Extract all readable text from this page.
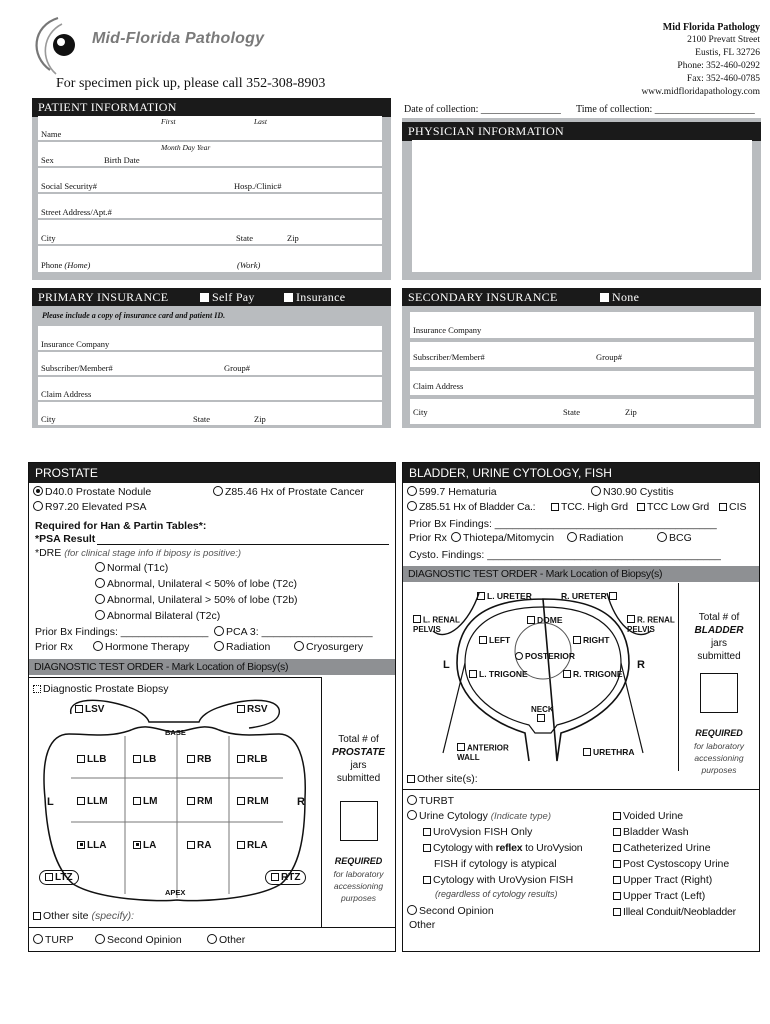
Mid-Florida Pathology
For specimen pick up, please call 352-308-8903
Mid Florida Pathology
2100 Prevatt Street
Eustis, FL 32726
Phone: 352-460-0292
Fax: 352-460-0785
www.midfloridapathology.com
Date of collection: ________________ Time of collection: ____________________
PATIENT INFORMATION
First	Last
Name
Month Day Year
Sex	Birth Date
Social Security#	Hosp./Clinic#
Street Address/Apt.#
City	State	Zip
Phone (Home)	(Work)
PHYSICIAN INFORMATION
PRIMARY INSURANCE	Self Pay	Insurance
Please include a copy of insurance card and patient ID.
Insurance Company
Subscriber/Member#	Group#
Claim Address
City	State	Zip
SECONDARY INSURANCE	None
Insurance Company
Subscriber/Member#	Group#
Claim Address
City	State	Zip
PROSTATE
D40.0 Prostate Nodule	Z85.46 Hx of Prostate Cancer
R97.20 Elevated PSA
Required for Han & Partin Tables*:
*PSA Result
*DRE (for clinical stage info if biposy is positive:)
Normal (T1c)
Abnormal, Unilateral < 50% of lobe (T2c)
Abnormal, Unilateral > 50% of lobe (T2b)
Abnormal Bilateral (T2c)
Prior Bx Findings: _______________	PCA 3: ___________________
Prior Rx	Hormone Therapy	Radiation	Cryosurgery
DIAGNOSTIC TEST ORDER - Mark Location of Biopsy(s)
Diagnostic Prostate Biopsy
LSV	RSV
BASE
L	R
LLB	LB	RB	RLB
LLM	LM	RM	RLM
LLA	LA	RA	RLA
LTZ	RTZ
APEX
Other site (specify):
Total # of
PROSTATE
jars
submitted
REQUIRED
for laboratory accessioning purposes
TURP	Second Opinion	Other
BLADDER, URINE CYTOLOGY, FISH
599.7 Hematuria	N30.90 Cystitis
Z85.51 Hx of Bladder Ca.:	TCC. High Grd	TCC Low Grd	CIS
Prior Bx Findings: ______________________________________
Prior Rx	Thiotepa/Mitomycin	Radiation	BCG
Cysto. Findings: ________________________________________
DIAGNOSTIC TEST ORDER - Mark Location of Biopsy(s)
L. URETER	R. URETER
L. RENAL PELVIS
R. RENAL PELVIS
DOME
LEFT	RIGHT
POSTERIOR
L	R
L. TRIGONE	R. TRIGONE
NECK

ANTERIOR WALL	URETHRA
Total # of
BLADDER
jars
submitted
REQUIRED
for laboratory accessioning purposes
Other site(s):
TURBT
Urine Cytology (Indicate type)
UroVysion FISH Only
Cytology with reflex to UroVysion
FISH if cytology is atypical
Cytology with UroVysion FISH
(regardless of cytology results)
Second Opinion
Other
Voided Urine
Bladder Wash
Catheterized Urine
Post Cystoscopy Urine
Upper Tract (Right)
Upper Tract (Left)
Illeal Conduit/Neobladder
